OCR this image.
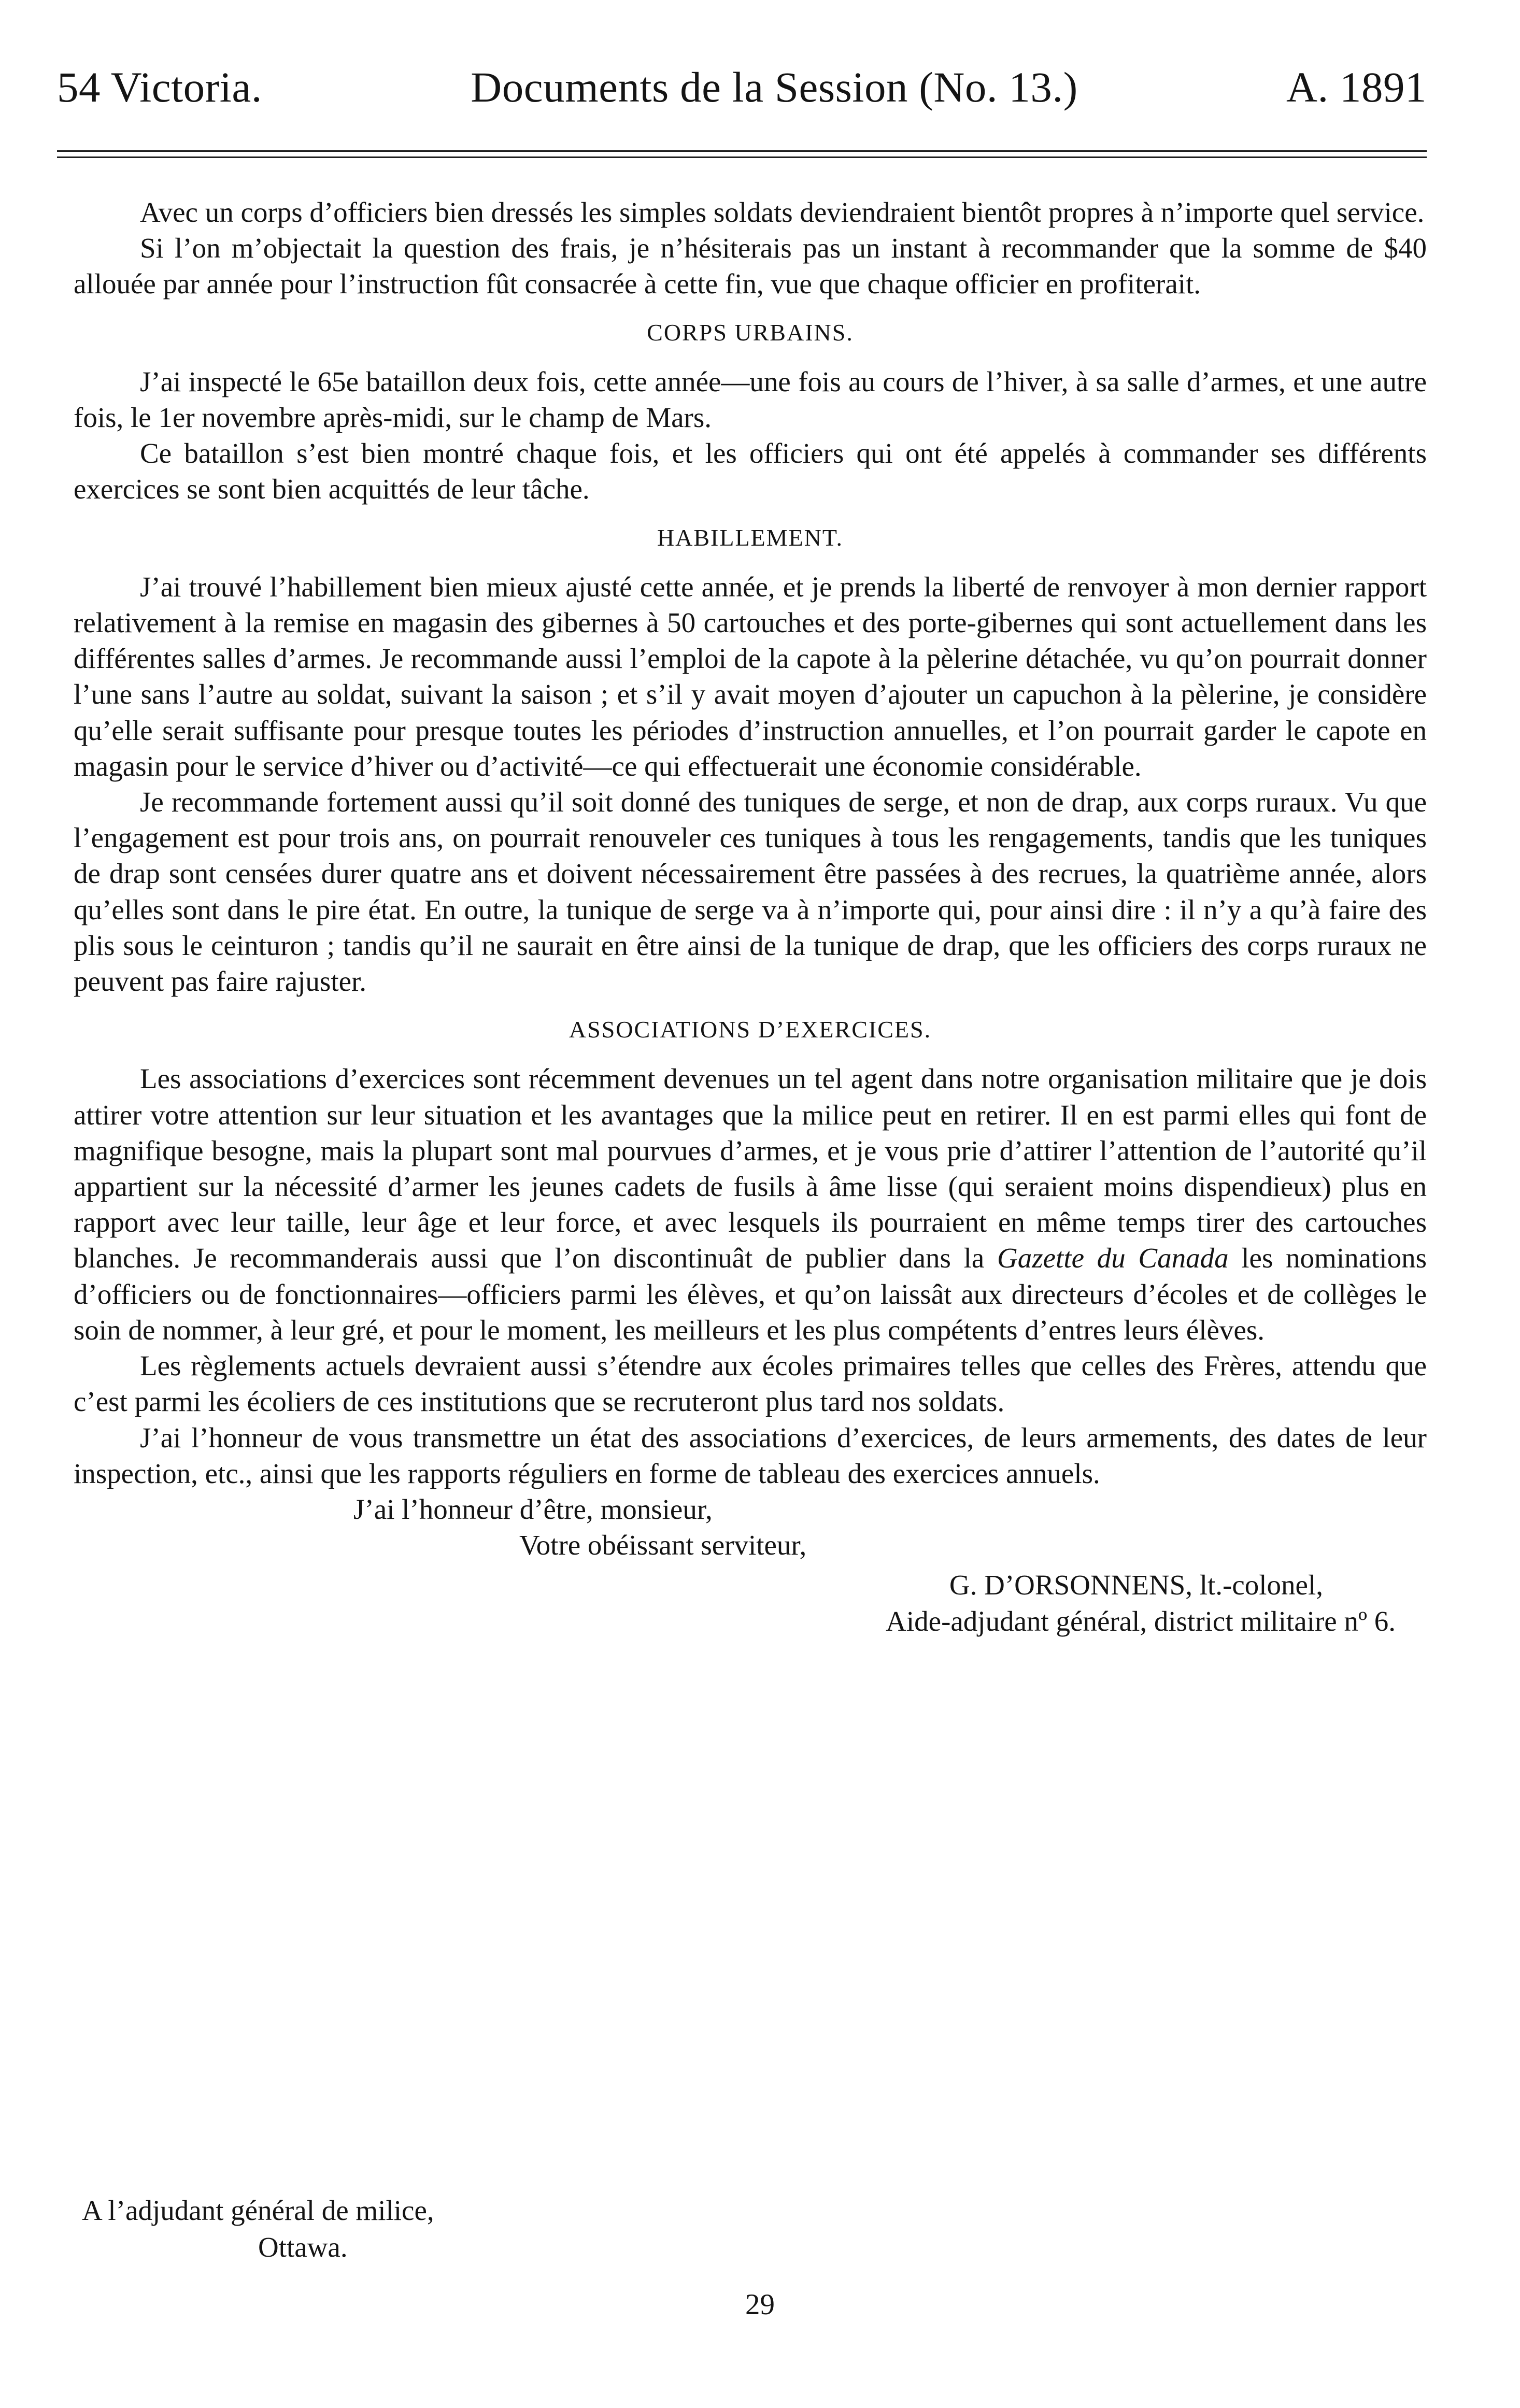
54 Victoria.	Documents de la Session (No. 13.)	A. 1891

Avec un corps d’officiers bien dressés les simples soldats deviendraient bientôt propres à n’importe quel service.

Si l’on m’objectait la question des frais, je n’hésiterais pas un instant à recommander que la somme de $40 allouée par année pour l’instruction fût consacrée à cette fin, vue que chaque officier en profiterait.

CORPS URBAINS.

J’ai inspecté le 65e bataillon deux fois, cette année—une fois au cours de l’hiver, à sa salle d’armes, et une autre fois, le 1er novembre après-midi, sur le champ de Mars.

Ce bataillon s’est bien montré chaque fois, et les officiers qui ont été appelés à commander ses différents exercices se sont bien acquittés de leur tâche.

HABILLEMENT.

J’ai trouvé l’habillement bien mieux ajusté cette année, et je prends la liberté de renvoyer à mon dernier rapport relativement à la remise en magasin des gibernes à 50 cartouches et des porte-gibernes qui sont actuellement dans les différentes salles d’armes. Je recommande aussi l’emploi de la capote à la pèlerine détachée, vu qu’on pourrait donner l’une sans l’autre au soldat, suivant la saison ; et s’il y avait moyen d’ajouter un capuchon à la pèlerine, je considère qu’elle serait suffisante pour presque toutes les périodes d’instruction annuelles, et l’on pourrait garder le capote en magasin pour le service d’hiver ou d’activité—ce qui effectuerait une économie considérable.

Je recommande fortement aussi qu’il soit donné des tuniques de serge, et non de drap, aux corps ruraux. Vu que l’engagement est pour trois ans, on pourrait renouveler ces tuniques à tous les rengagements, tandis que les tuniques de drap sont censées durer quatre ans et doivent nécessairement être passées à des recrues, la quatrième année, alors qu’elles sont dans le pire état. En outre, la tunique de serge va à n’importe qui, pour ainsi dire : il n’y a qu’à faire des plis sous le ceinturon ; tandis qu’il ne saurait en être ainsi de la tunique de drap, que les officiers des corps ruraux ne peuvent pas faire rajuster.

ASSOCIATIONS D’EXERCICES.

Les associations d’exercices sont récemment devenues un tel agent dans notre organisation militaire que je dois attirer votre attention sur leur situation et les avantages que la milice peut en retirer. Il en est parmi elles qui font de magnifique besogne, mais la plupart sont mal pourvues d’armes, et je vous prie d’attirer l’attention de l’autorité qu’il appartient sur la nécessité d’armer les jeunes cadets de fusils à âme lisse (qui seraient moins dispendieux) plus en rapport avec leur taille, leur âge et leur force, et avec lesquels ils pourraient en même temps tirer des cartouches blanches. Je recommanderais aussi que l’on discontinuât de publier dans la Gazette du Canada les nominations d’officiers ou de fonctionnaires—officiers parmi les élèves, et qu’on laissât aux directeurs d’écoles et de collèges le soin de nommer, à leur gré, et pour le moment, les meilleurs et les plus compétents d’entres leurs élèves.

Les règlements actuels devraient aussi s’étendre aux écoles primaires telles que celles des Frères, attendu que c’est parmi les écoliers de ces institutions que se recruteront plus tard nos soldats.

J’ai l’honneur de vous transmettre un état des associations d’exercices, de leurs armements, des dates de leur inspection, etc., ainsi que les rapports réguliers en forme de tableau des exercices annuels.

J’ai l’honneur d’être, monsieur,
Votre obéissant serviteur,
G. D’ORSONNENS, lt.-colonel,
Aide-adjudant général, district militaire nº 6.
A l’adjudant général de milice,
Ottawa.
29
